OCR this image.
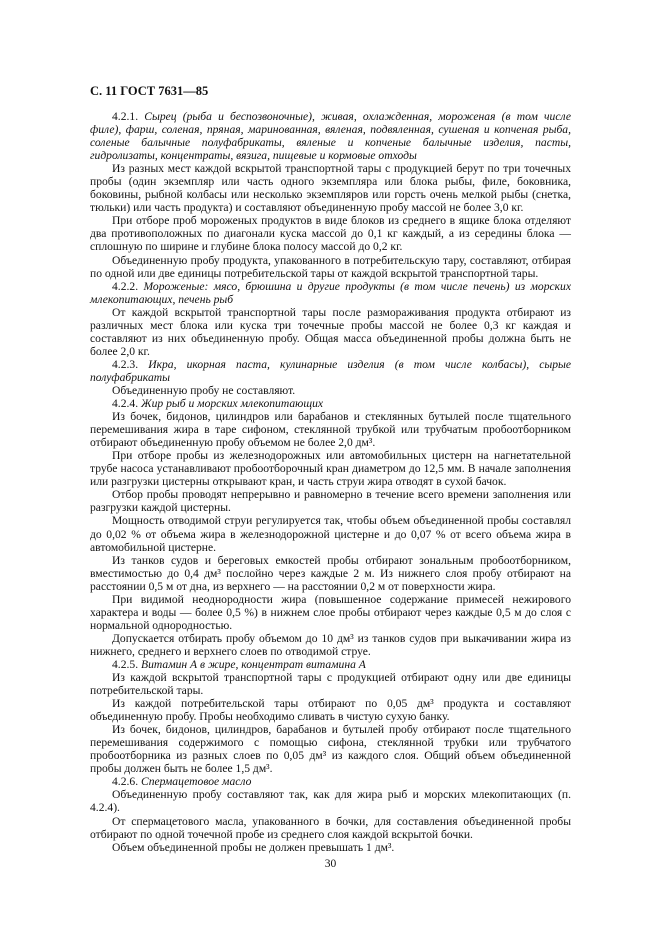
С. 11 ГОСТ 7631—85

4.2.1. Сырец (рыба и беспозвоночные), живая, охлажденная, мороженая (в том числе филе), фарш, соленая, пряная, маринованная, вяленая, подвяленная, сушеная и копченая рыба, соленые балычные полуфабрикаты, вяленые и копченые балычные изделия, пасты, гидролизаты, концентраты, вязига, пищевые и кормовые отходы

Из разных мест каждой вскрытой транспортной тары с продукцией берут по три точечных пробы (один экземпляр или часть одного экземпляра или блока рыбы, филе, боковника, боковины, рыбной колбасы или несколько экземпляров или горсть очень мелкой рыбы (снетка, тюльки) или часть продукта) и составляют объединенную пробу массой не более 3,0 кг.

При отборе проб мороженых продуктов в виде блоков из среднего в ящике блока отделяют два противоположных по диагонали куска массой до 0,1 кг каждый, а из середины блока — сплошную по ширине и глубине блока полосу массой до 0,2 кг.

Объединенную пробу продукта, упакованного в потребительскую тару, составляют, отбирая по одной или две единицы потребительской тары от каждой вскрытой транспортной тары.

4.2.2. Мороженые: мясо, брюшина и другие продукты (в том числе печень) из морских млекопитающих, печень рыб

От каждой вскрытой транспортной тары после размораживания продукта отбирают из различных мест блока или куска три точечные пробы массой не более 0,3 кг каждая и составляют из них объединенную пробу. Общая масса объединенной пробы должна быть не более 2,0 кг.

4.2.3. Икра, икорная паста, кулинарные изделия (в том числе колбасы), сырые полуфабрикаты

Объединенную пробу не составляют.

4.2.4. Жир рыб и морских млекопитающих

Из бочек, бидонов, цилиндров или барабанов и стеклянных бутылей после тщательного перемешивания жира в таре сифоном, стеклянной трубкой или трубчатым пробоотборником отбирают объединенную пробу объемом не более 2,0 дм³.

При отборе пробы из железнодорожных или автомобильных цистерн на нагнетательной трубе насоса устанавливают пробоотборочный кран диаметром до 12,5 мм. В начале заполнения или разгрузки цистерны открывают кран, и часть струи жира отводят в сухой бачок.

Отбор пробы проводят непрерывно и равномерно в течение всего времени заполнения или разгрузки каждой цистерны.

Мощность отводимой струи регулируется так, чтобы объем объединенной пробы составлял до 0,02 % от объема жира в железнодорожной цистерне и до 0,07 % от всего объема жира в автомобильной цистерне.

Из танков судов и береговых емкостей пробы отбирают зональным пробоотборником, вместимостью до 0,4 дм³ послойно через каждые 2 м. Из нижнего слоя пробу отбирают на расстоянии 0,5 м от дна, из верхнего — на расстоянии 0,2 м от поверхности жира.

При видимой неоднородности жира (повышенное содержание примесей нежирового характера и воды — более 0,5 %) в нижнем слое пробы отбирают через каждые 0,5 м до слоя с нормальной однородностью.

Допускается отбирать пробу объемом до 10 дм³ из танков судов при выкачивании жира из нижнего, среднего и верхнего слоев по отводимой струе.

4.2.5. Витамин А в жире, концентрат витамина А

Из каждой вскрытой транспортной тары с продукцией отбирают одну или две единицы потребительской тары.

Из каждой потребительской тары отбирают по 0,05 дм³ продукта и составляют объединенную пробу. Пробы необходимо сливать в чистую сухую банку.

Из бочек, бидонов, цилиндров, барабанов и бутылей пробу отбирают после тщательного перемешивания содержимого с помощью сифона, стеклянной трубки или трубчатого пробоотборника из разных слоев по 0,05 дм³ из каждого слоя. Общий объем объединенной пробы должен быть не более 1,5 дм³.

4.2.6. Спермацетовое масло

Объединенную пробу составляют так, как для жира рыб и морских млекопитающих (п. 4.2.4).

От спермацетового масла, упакованного в бочки, для составления объединенной пробы отбирают по одной точечной пробе из среднего слоя каждой вскрытой бочки.

Объем объединенной пробы не должен превышать 1 дм³.

30
